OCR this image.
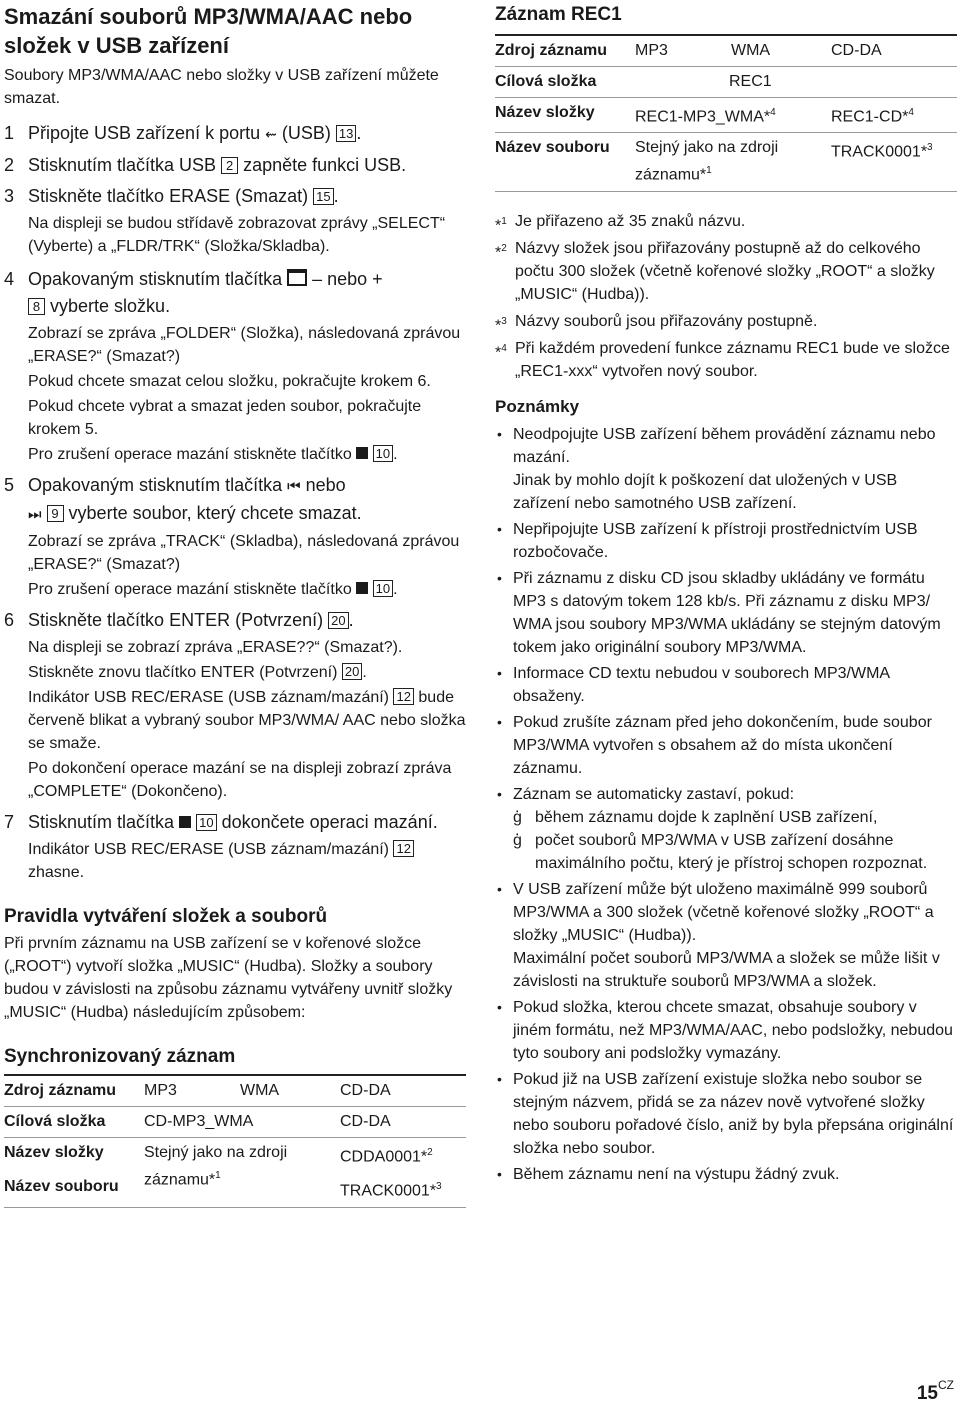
Smazání souborů MP3/WMA/AAC nebo složek v USB zařízení
Soubory MP3/WMA/AAC nebo složky v USB zařízení můžete smazat.
1 Připojte USB zařízení k portu ⇜ (USB) 13 .
2 Stisknutím tlačítka USB 2 zapněte funkci USB.
3 Stiskněte tlačítko ERASE (Smazat) 15 .
Na displeji se budou střídavě zobrazovat zprávy „SELECT“ (Vyberte) a „FLDR/TRK“ (Složka/Skladba).
4 Opakovaným stisknutím tlačítka – nebo +
8 vyberte složku.
Zobrazí se zpráva „FOLDER“ (Složka), následovaná zprávou „ERASE?“ (Smazat?)
Pokud chcete smazat celou složku, pokračujte krokem 6.
Pokud chcete vybrat a smazat jeden soubor, pokračujte krokem 5.
Pro zrušení operace mazání stiskněte tlačítko 10 .
5 Opakovaným stisknutím tlačítka ⏮ nebo
⏭ 9 vyberte soubor, který chcete smazat.
Zobrazí se zpráva „TRACK“ (Skladba), následovaná zprávou „ERASE?“ (Smazat?)
Pro zrušení operace mazání stiskněte tlačítko 10 .
6 Stiskněte tlačítko ENTER (Potvrzení) 20 .
Na displeji se zobrazí zpráva „ERASE??“ (Smazat?).
Stiskněte znovu tlačítko ENTER (Potvrzení) 20 .
Indikátor USB REC/ERASE (USB záznam/mazání) 12 bude červeně blikat a vybraný soubor MP3/WMA/ AAC nebo složka se smaže.
Po dokončení operace mazání se na displeji zobrazí zpráva „COMPLETE“ (Dokončeno).
7 Stisknutím tlačítka 10 dokončete operaci mazání.
Indikátor USB REC/ERASE (USB záznam/mazání) 12 zhasne.
Pravidla vytváření složek a souborů
Při prvním záznamu na USB zařízení se v kořenové složce („ROOT“) vytvoří složka „MUSIC“ (Hudba). Složky a soubory budou v závislosti na způsobu záznamu vytvářeny uvnitř složky „MUSIC“ (Hudba) následujícím způsobem:
Synchronizovaný záznam
Zdroj záznamu	MP3	WMA	CD-DA
Cílová složka	CD-MP3_WMA		CD-DA
Název složky	Stejný jako na zdroji záznamu*$^1$		CDDA0001*$^2$
Název souboru			TRACK0001*$^3$
Záznam REC1
Zdroj záznamu	MP3	WMA	CD-DA
Cílová složka	REC1		
Název složky	REC1-MP3_WMA*$^4$		REC1-CD*$^4$
Název souboru	Stejný jako na zdroji záznamu*$^1$		TRACK0001*$^3$
*$^1$ Je přiřazeno až 35 znaků názvu.
*$^2$ Názvy složek jsou přiřazovány postupně až do celkového počtu 300 složek (včetně kořenové složky „ROOT“ a složky „MUSIC“ (Hudba)).
*$^3$ Názvy souborů jsou přiřazovány postupně.
*$^4$ Při každém provedení funkce záznamu REC1 bude ve složce „REC1-xxx“ vytvořen nový soubor.
Poznámky
• Neodpojujte USB zařízení během provádění záznamu nebo mazání.
Jinak by mohlo dojít k poškození dat uložených v USB zařízení nebo samotného USB zařízení.
• Nepřipojujte USB zařízení k přístroji prostřednictvím USB rozbočovače.
• Při záznamu z disku CD jsou skladby ukládány ve formátu MP3 s datovým tokem 128 kb/s. Při záznamu z disku MP3/ WMA jsou soubory MP3/WMA ukládány se stejným datovým tokem jako originální soubory MP3/WMA.
• Informace CD textu nebudou v souborech MP3/WMA obsaženy.
• Pokud zrušíte záznam před jeho dokončením, bude soubor MP3/WMA vytvořen s obsahem až do místa ukončení záznamu.
• Záznam se automaticky zastaví, pokud:
ģ během záznamu dojde k zaplnění USB zařízení,
ģ počet souborů MP3/WMA v USB zařízení dosáhne maximálního počtu, který je přístroj schopen rozpoznat.
• V USB zařízení může být uloženo maximálně 999 souborů MP3/WMA a 300 složek (včetně kořenové složky „ROOT“ a složky „MUSIC“ (Hudba)).
Maximální počet souborů MP3/WMA a složek se může lišit v závislosti na struktuře souborů MP3/WMA a složek.
• Pokud složka, kterou chcete smazat, obsahuje soubory v jiném formátu, než MP3/WMA/AAC, nebo podsložky, nebudou tyto soubory ani podsložky vymazány.
• Pokud již na USB zařízení existuje složka nebo soubor se stejným názvem, přidá se za název nově vytvořené složky nebo souboru pořadové číslo, aniž by byla přepsána originální složka nebo soubor.
• Během záznamu není na výstupu žádný zvuk.
$15^{CZ}$
